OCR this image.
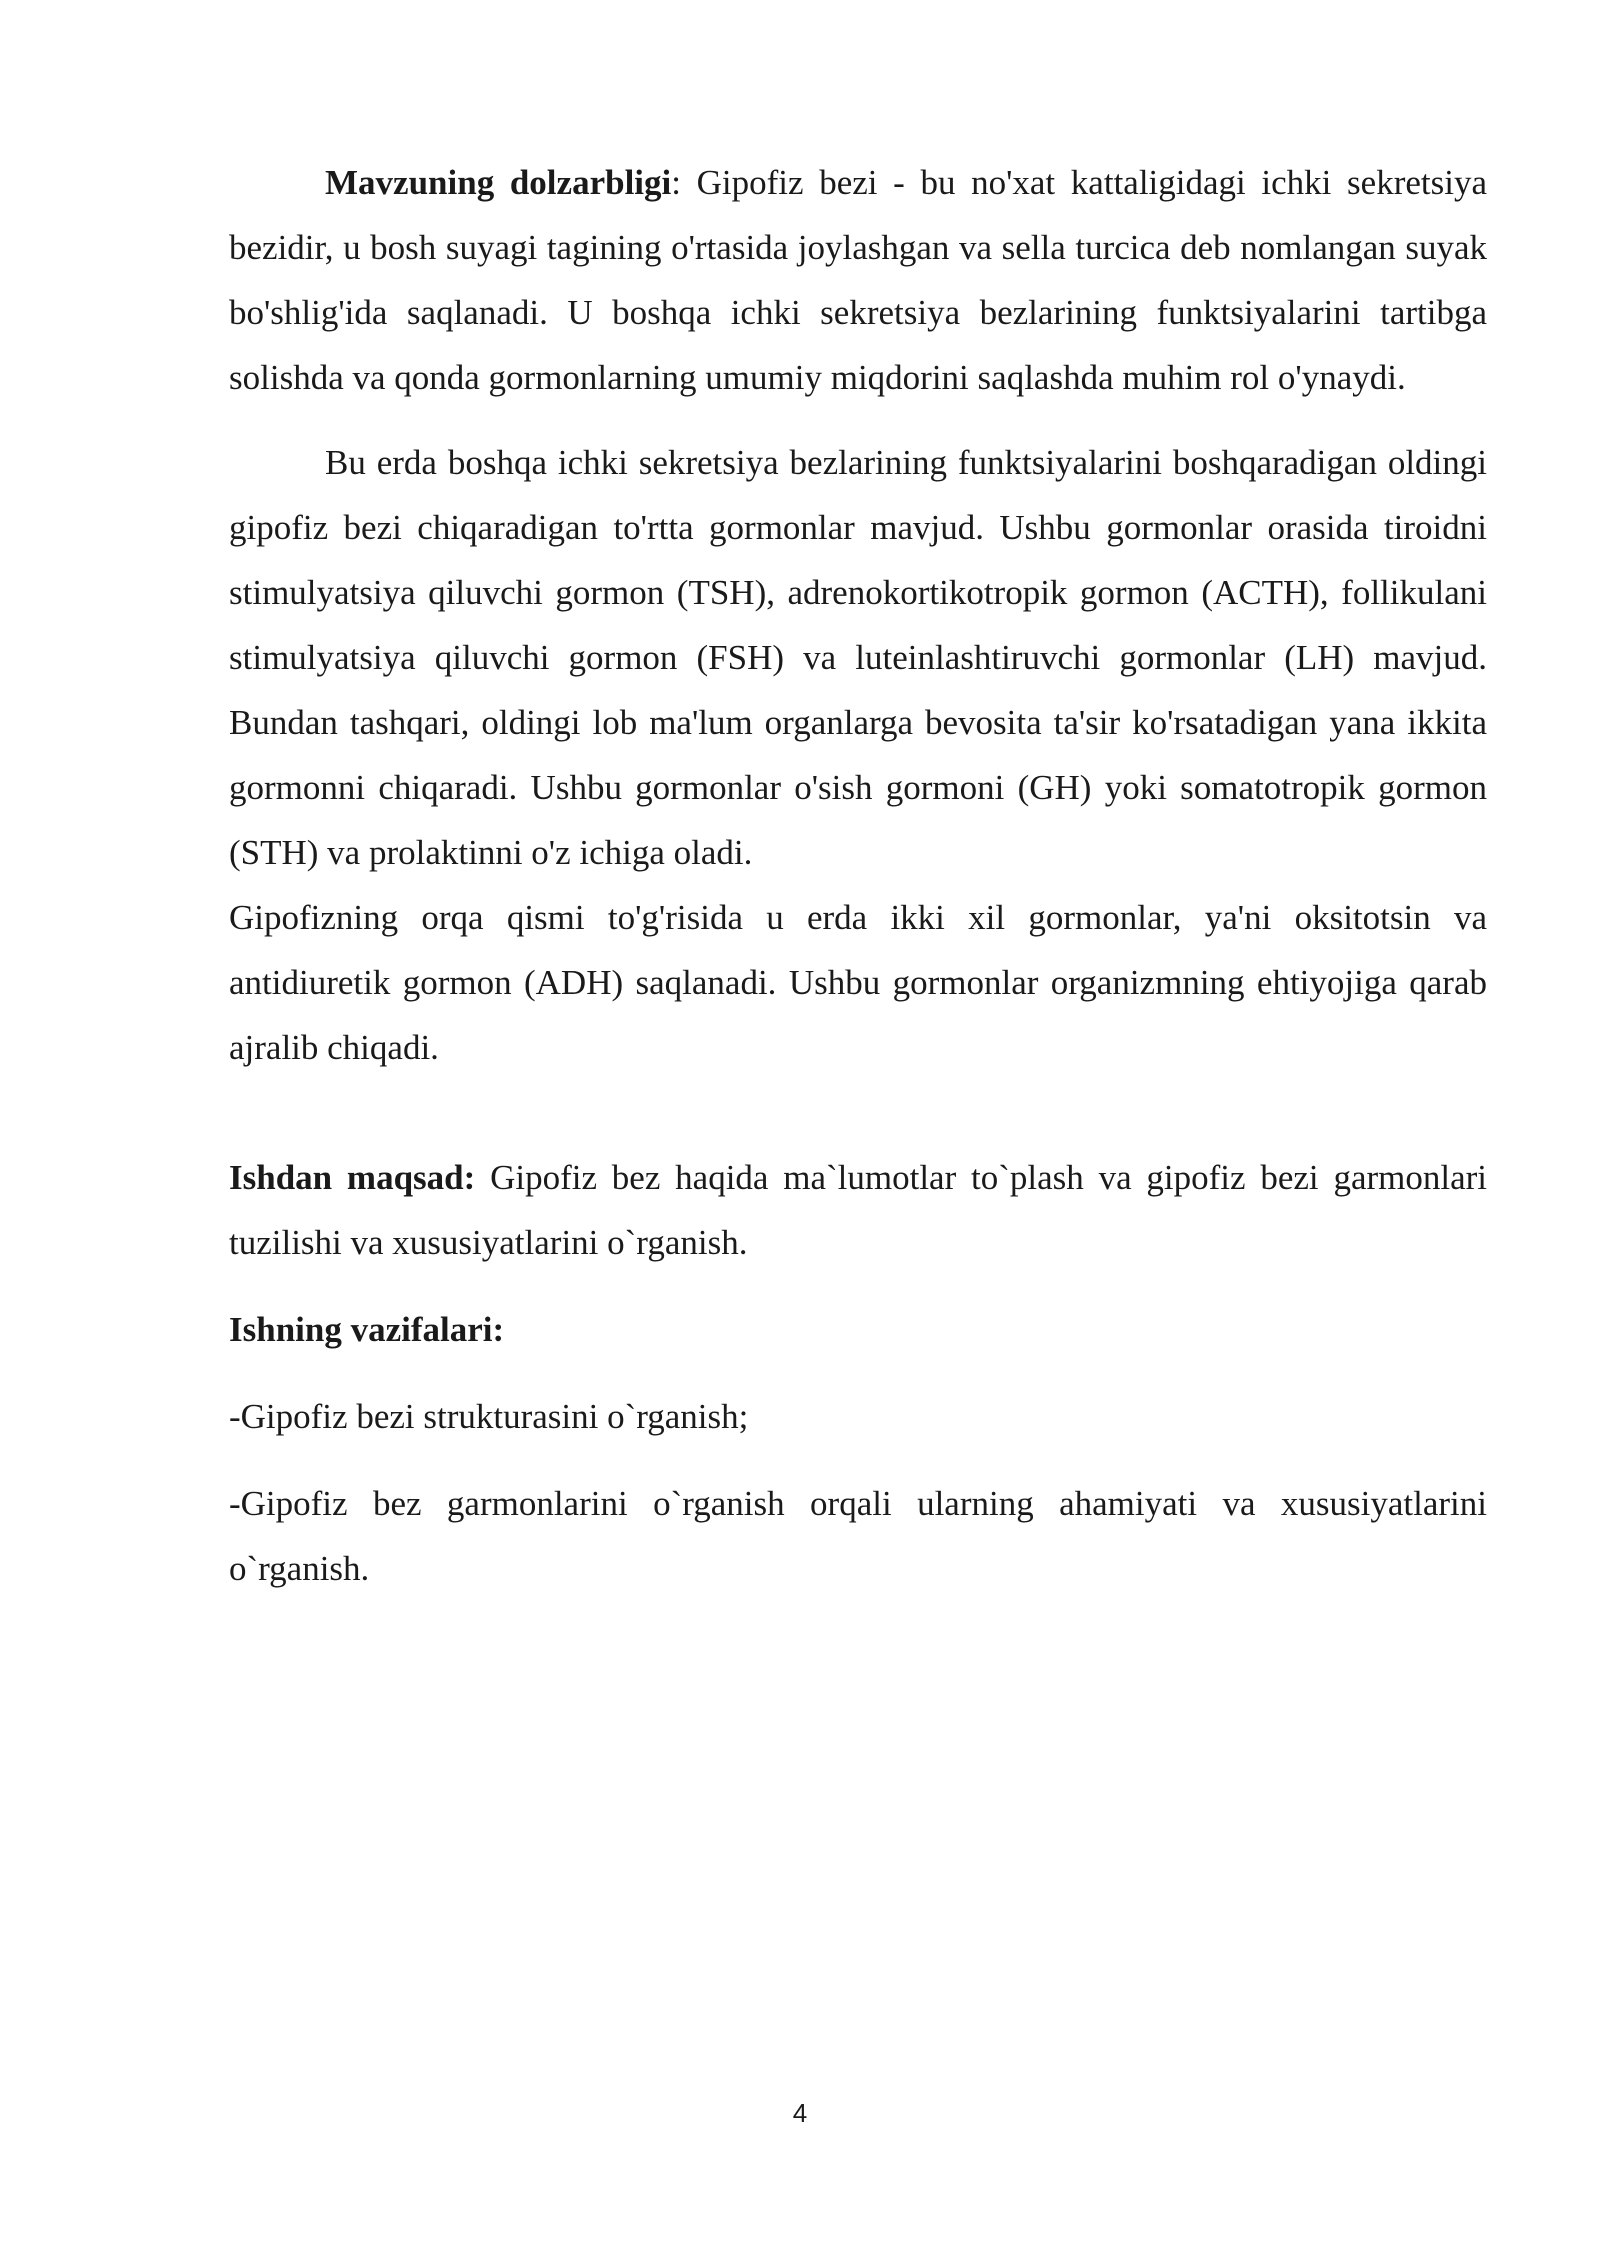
Mavzuning dolzarbligi: Gipofiz bezi - bu no'xat kattaligidagi ichki sekretsiya bezidir, u bosh suyagi tagining o'rtasida joylashgan va sella turcica deb nomlangan suyak bo'shlig'ida saqlanadi. U boshqa ichki sekretsiya bezlarining funktsiyalarini tartibga solishda va qonda gormonlarning umumiy miqdorini saqlashda muhim rol o'ynaydi.

Bu erda boshqa ichki sekretsiya bezlarining funktsiyalarini boshqaradigan oldingi gipofiz bezi chiqaradigan to'rtta gormonlar mavjud. Ushbu gormonlar orasida tiroidni stimulyatsiya qiluvchi gormon (TSH), adrenokortikotropik gormon (ACTH), follikulani stimulyatsiya qiluvchi gormon (FSH) va luteinlashtiruvchi gormonlar (LH) mavjud. Bundan tashqari, oldingi lob ma'lum organlarga bevosita ta'sir ko'rsatadigan yana ikkita gormonni chiqaradi. Ushbu gormonlar o'sish gormoni (GH) yoki somatotropik gormon (STH) va prolaktinni o'z ichiga oladi.

Gipofizning orqa qismi to'g'risida u erda ikki xil gormonlar, ya'ni oksitotsin va antidiuretik gormon (ADH) saqlanadi. Ushbu gormonlar organizmning ehtiyojiga qarab ajralib chiqadi.

Ishdan maqsad: Gipofiz bez haqida ma`lumotlar to`plash va gipofiz bezi garmonlari tuzilishi va xususiyatlarini o`rganish.

Ishning vazifalari:

-Gipofiz bezi strukturasini o`rganish;

-Gipofiz bez garmonlarini o`rganish orqali ularning ahamiyati va xususiyatlarini o`rganish.

4
